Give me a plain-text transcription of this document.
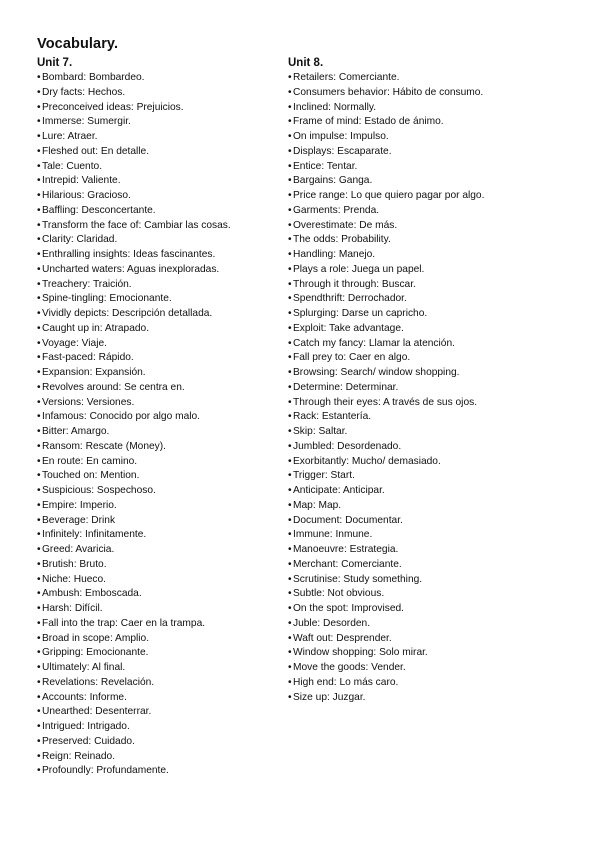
Vocabulary.
Unit 7.
•Bombard: Bombardeo.
•Dry facts: Hechos.
•Preconceived ideas: Prejuicios.
•Immerse: Sumergir.
•Lure: Atraer.
•Fleshed out: En detalle.
•Tale: Cuento.
•Intrepid: Valiente.
•Hilarious: Gracioso.
•Baffling: Desconcertante.
•Transform the face of: Cambiar las cosas.
•Clarity: Claridad.
•Enthralling insights: Ideas fascinantes.
•Uncharted waters: Aguas inexploradas.
•Treachery: Traición.
•Spine-tingling: Emocionante.
•Vividly depicts: Descripción detallada.
•Caught up in: Atrapado.
•Voyage: Viaje.
•Fast-paced: Rápido.
•Expansion: Expansión.
•Revolves around: Se centra en.
•Versions: Versiones.
•Infamous: Conocido por algo malo.
•Bitter: Amargo.
•Ransom: Rescate (Money).
•En route: En camino.
•Touched on: Mention.
•Suspicious: Sospechoso.
•Empire: Imperio.
•Beverage: Drink
•Infinitely: Infinitamente.
•Greed: Avaricia.
•Brutish: Bruto.
•Niche: Hueco.
•Ambush: Emboscada.
•Harsh: Difícil.
•Fall into the trap: Caer en la trampa.
•Broad in scope: Amplio.
•Gripping: Emocionante.
•Ultimately: Al final.
•Revelations: Revelación.
•Accounts: Informe.
•Unearthed: Desenterrar.
•Intrigued: Intrigado.
•Preserved: Cuidado.
•Reign: Reinado.
•Profoundly: Profundamente.
Unit 8.
•Retailers: Comerciante.
•Consumers behavior: Hábito de consumo.
•Inclined: Normally.
•Frame of mind: Estado de ánimo.
•On impulse: Impulso.
•Displays: Escaparate.
•Entice: Tentar.
•Bargains: Ganga.
•Price range: Lo que quiero pagar por algo.
•Garments: Prenda.
•Overestimate: De más.
•The odds: Probability.
•Handling: Manejo.
•Plays a role: Juega un papel.
•Through it through: Buscar.
•Spendthrift: Derrochador.
•Splurging: Darse un capricho.
•Exploit: Take advantage.
•Catch my fancy: Llamar la atención.
•Fall prey to: Caer en algo.
•Browsing: Search/ window shopping.
•Determine: Determinar.
•Through their eyes: A través de sus ojos.
•Rack: Estantería.
•Skip: Saltar.
•Jumbled: Desordenado.
•Exorbitantly: Mucho/ demasiado.
•Trigger: Start.
•Anticipate: Anticipar.
•Map: Map.
•Document: Documentar.
•Immune: Inmune.
•Manoeuvre: Estrategia.
•Merchant: Comerciante.
•Scrutinise: Study something.
•Subtle: Not obvious.
•On the spot: Improvised.
•Juble: Desorden.
•Waft out: Desprender.
•Window shopping: Solo mirar.
•Move the goods: Vender.
•High end: Lo más caro.
•Size up: Juzgar.
